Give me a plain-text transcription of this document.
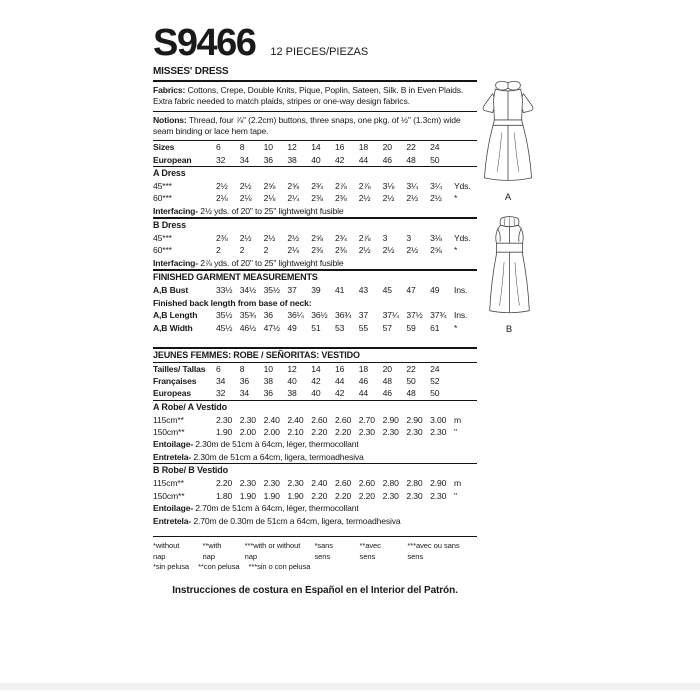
S9466 12 PIECES/PIEZAS
MISSES' DRESS

Fabrics: Cottons, Crepe, Double Knits, Pique, Poplin, Sateen, Silk. B in Even Plaids. Extra fabric needed to match plaids, stripes or one-way design fabrics.

Notions: Thread, four ⅞" (2.2cm) buttons, three snaps, one pkg. of ½" (1.3cm) wide seam binding or lace hem tape.

Sizes	6	8	10	12	14	16	18	20	22	24
European	32	34	36	38	40	42	44	46	48	50
A Dress
45***	2½	2½	2⅝	2⅝	2¾	2⅞	2⅞	3⅛	3¼	3¼	Yds.
60***	2⅛	2⅛	2⅛	2¼	2⅜	2⅜	2½	2½	2½	2½	*
Interfacing- 2½ yds. of 20" to 25" lightweight fusible
B Dress
45***	2⅜	2½	2½	2½	2⅝	2¾	2⅞	3	3	3⅛	Yds.
60***	2	2	2	2⅛	2⅜	2⅜	2½	2½	2½	2⅝	*
Interfacing- 2⅞ yds. of 20" to 25" lightweight fusible
FINISHED GARMENT MEASUREMENTS
A,B Bust	33½ 34½ 35½ 37	39	41	43	45	47	49	Ins.
Finished back length from base of neck:
A,B Length	35½ 35¾ 36	36¼ 36½ 36¾ 37	37¼ 37½ 37¾ Ins.
A,B Width	45½ 46½ 47½ 49	51	53	55	57	59	61	*
JEUNES FEMMES: ROBE / SEÑORITAS: VESTIDO
Tailles/ Tallas	6	8	10	12	14	16	18	20	22	24
Françaises	34	36	38	40	42	44	46	48	50	52
Europeas	32	34	36	38	40	42	44	46	48	50
A Robe/ A Vestido
115cm**	2.30 2.30 2.40 2.40 2.60 2.60 2.70 2.90 2.90 3.00 m
150cm**	1.90 2.00 2.00 2.10 2.20 2.20 2.30 2.30 2.30 2.30 "
Entoilage- 2.30m de 51cm à 64cm, léger, thermocollant
Entretela- 2.30m de 51cm a 64cm, ligera, termoadhesiva
B Robe/ B Vestido
115cm**	2.20 2.30 2.30 2.30 2.40 2.60 2.60 2.80 2.80 2.90 m
150cm**	1.80 1.90 1.90 1.90 2.20 2.20 2.20 2.30 2.30 2.30 "
Entoilage- 2.70m de 51cm à 64cm, léger, thermocollant
Entretela- 2.70m de 0.30m de 51cm a 64cm, ligera, termoadhesiva
*without nap
**with nap
***with or without nap
*sans sens
**avec sens
***avec ou sans sens
*sin pelusa **con pelusa ***sin o con pelusa
Instrucciones de costura en Español en el Interior del Patrón.
A
B
